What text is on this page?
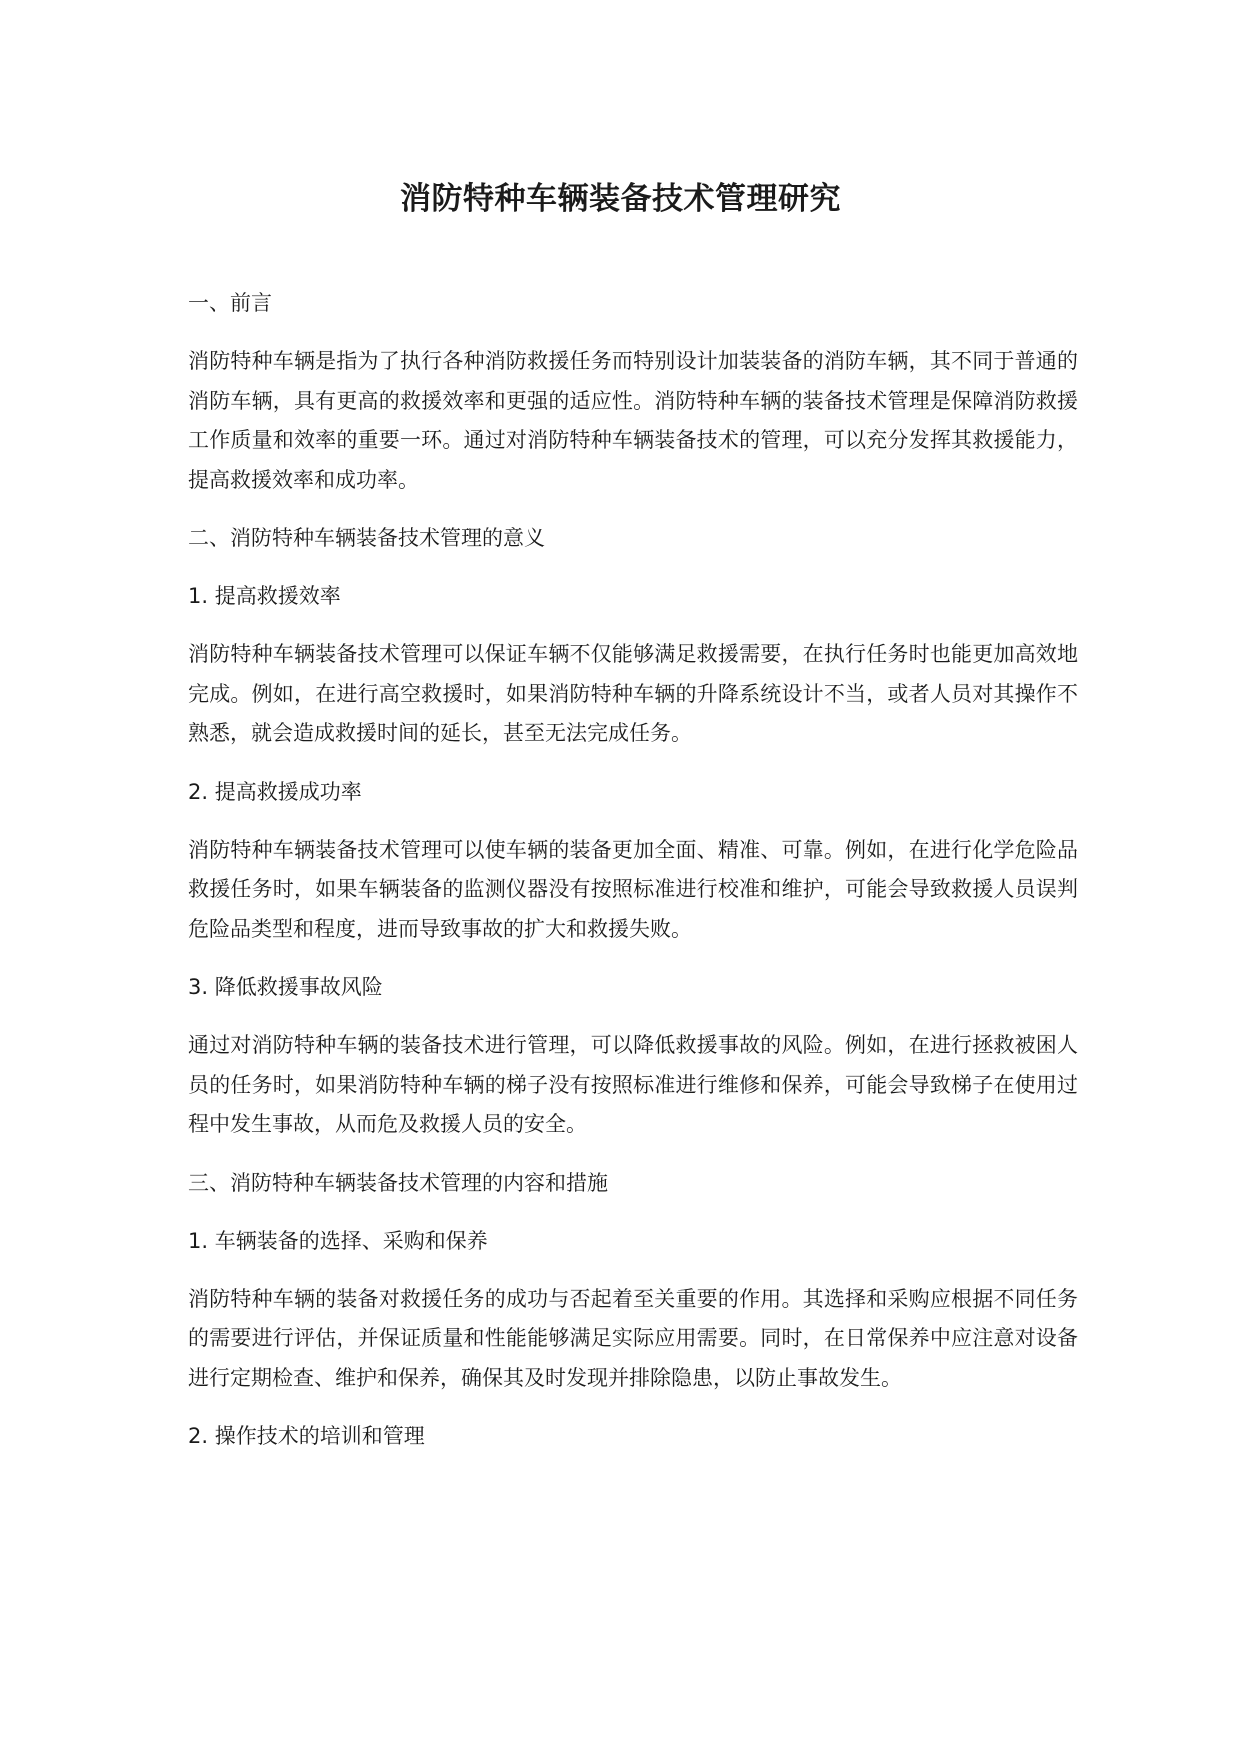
消防特种车辆装备技术管理研究
一、前言

消防特种车辆是指为了执行各种消防救援任务而特别设计加装装备的消防车辆，其不同于普通的消防车辆，具有更高的救援效率和更强的适应性。消防特种车辆的装备技术管理是保障消防救援工作质量和效率的重要一环。通过对消防特种车辆装备技术的管理，可以充分发挥其救援能力，提高救援效率和成功率。

二、消防特种车辆装备技术管理的意义
1. 提高救援效率

消防特种车辆装备技术管理可以保证车辆不仅能够满足救援需要，在执行任务时也能更加高效地完成。例如，在进行高空救援时，如果消防特种车辆的升降系统设计不当，或者人员对其操作不熟悉，就会造成救援时间的延长，甚至无法完成任务。

2. 提高救援成功率

消防特种车辆装备技术管理可以使车辆的装备更加全面、精准、可靠。例如，在进行化学危险品救援任务时，如果车辆装备的监测仪器没有按照标准进行校准和维护，可能会导致救援人员误判危险品类型和程度，进而导致事故的扩大和救援失败。

3. 降低救援事故风险

通过对消防特种车辆的装备技术进行管理，可以降低救援事故的风险。例如，在进行拯救被困人员的任务时，如果消防特种车辆的梯子没有按照标准进行维修和保养，可能会导致梯子在使用过程中发生事故，从而危及救援人员的安全。

三、消防特种车辆装备技术管理的内容和措施
1. 车辆装备的选择、采购和保养

消防特种车辆的装备对救援任务的成功与否起着至关重要的作用。其选择和采购应根据不同任务的需要进行评估，并保证质量和性能能够满足实际应用需要。同时，在日常保养中应注意对设备进行定期检查、维护和保养，确保其及时发现并排除隐患，以防止事故发生。

2. 操作技术的培训和管理
